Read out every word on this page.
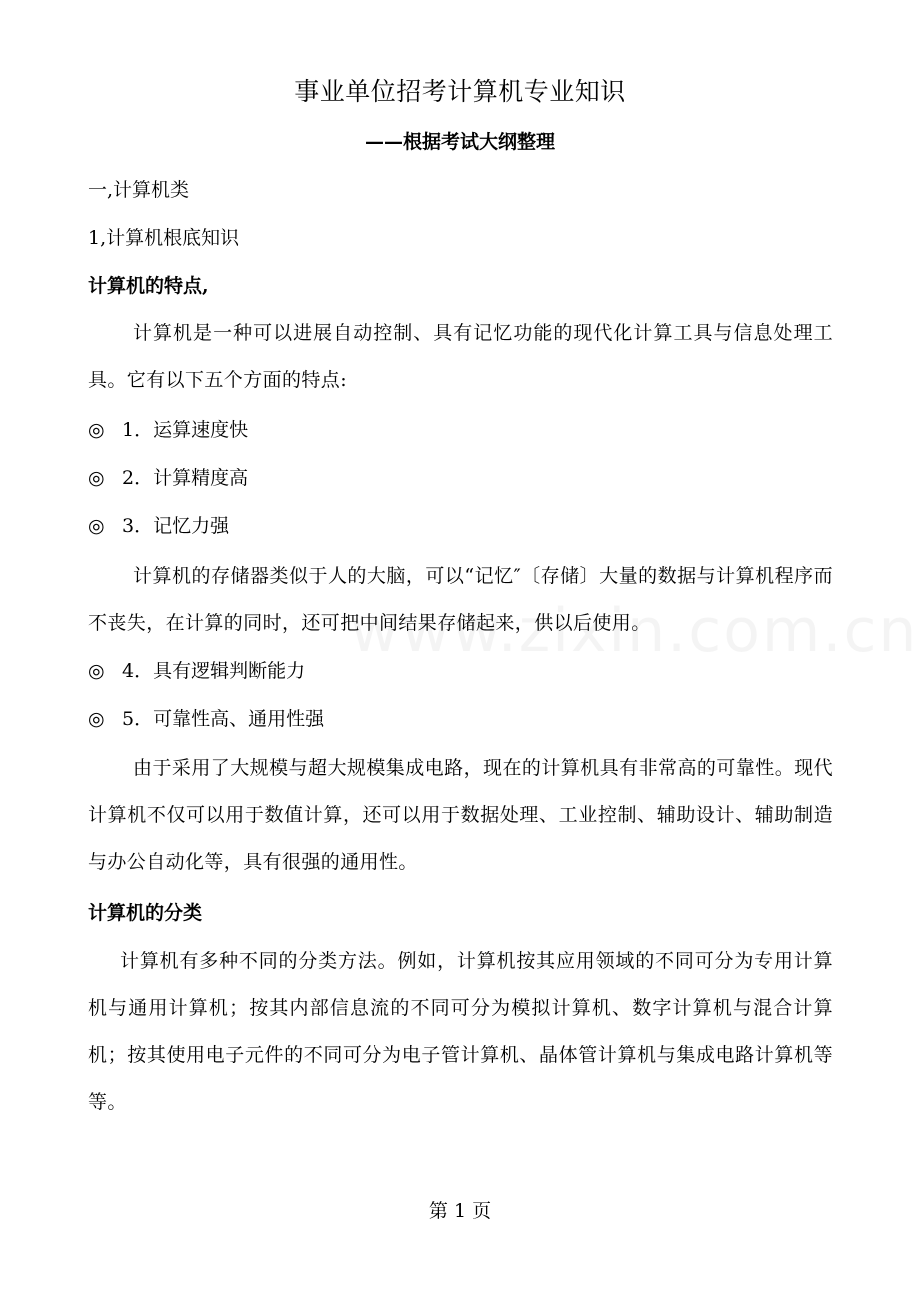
事业单位招考计算机专业知识
——根据考试大纲整理
一,计算机类
1,计算机根底知识
计算机的特点,
计算机是一种可以进展自动控制、具有记忆功能的现代化计算工具与信息处理工具。它有以下五个方面的特点:
◎ 1．运算速度快
◎ 2．计算精度高
◎ 3．记忆力强
计算机的存储器类似于人的大脑，可以“记忆″〔存储〕大量的数据与计算机程序而不丧失，在计算的同时，还可把中间结果存储起来，供以后使用。
◎ 4．具有逻辑判断能力
◎ 5．可靠性高、通用性强
由于采用了大规模与超大规模集成电路，现在的计算机具有非常高的可靠性。现代计算机不仅可以用于数值计算，还可以用于数据处理、工业控制、辅助设计、辅助制造与办公自动化等，具有很强的通用性。
计算机的分类
计算机有多种不同的分类方法。例如，计算机按其应用领域的不同可分为专用计算机与通用计算机；按其内部信息流的不同可分为模拟计算机、数字计算机与混合计算机；按其使用电子元件的不同可分为电子管计算机、晶体管计算机与集成电路计算机等等。
第 1 页
